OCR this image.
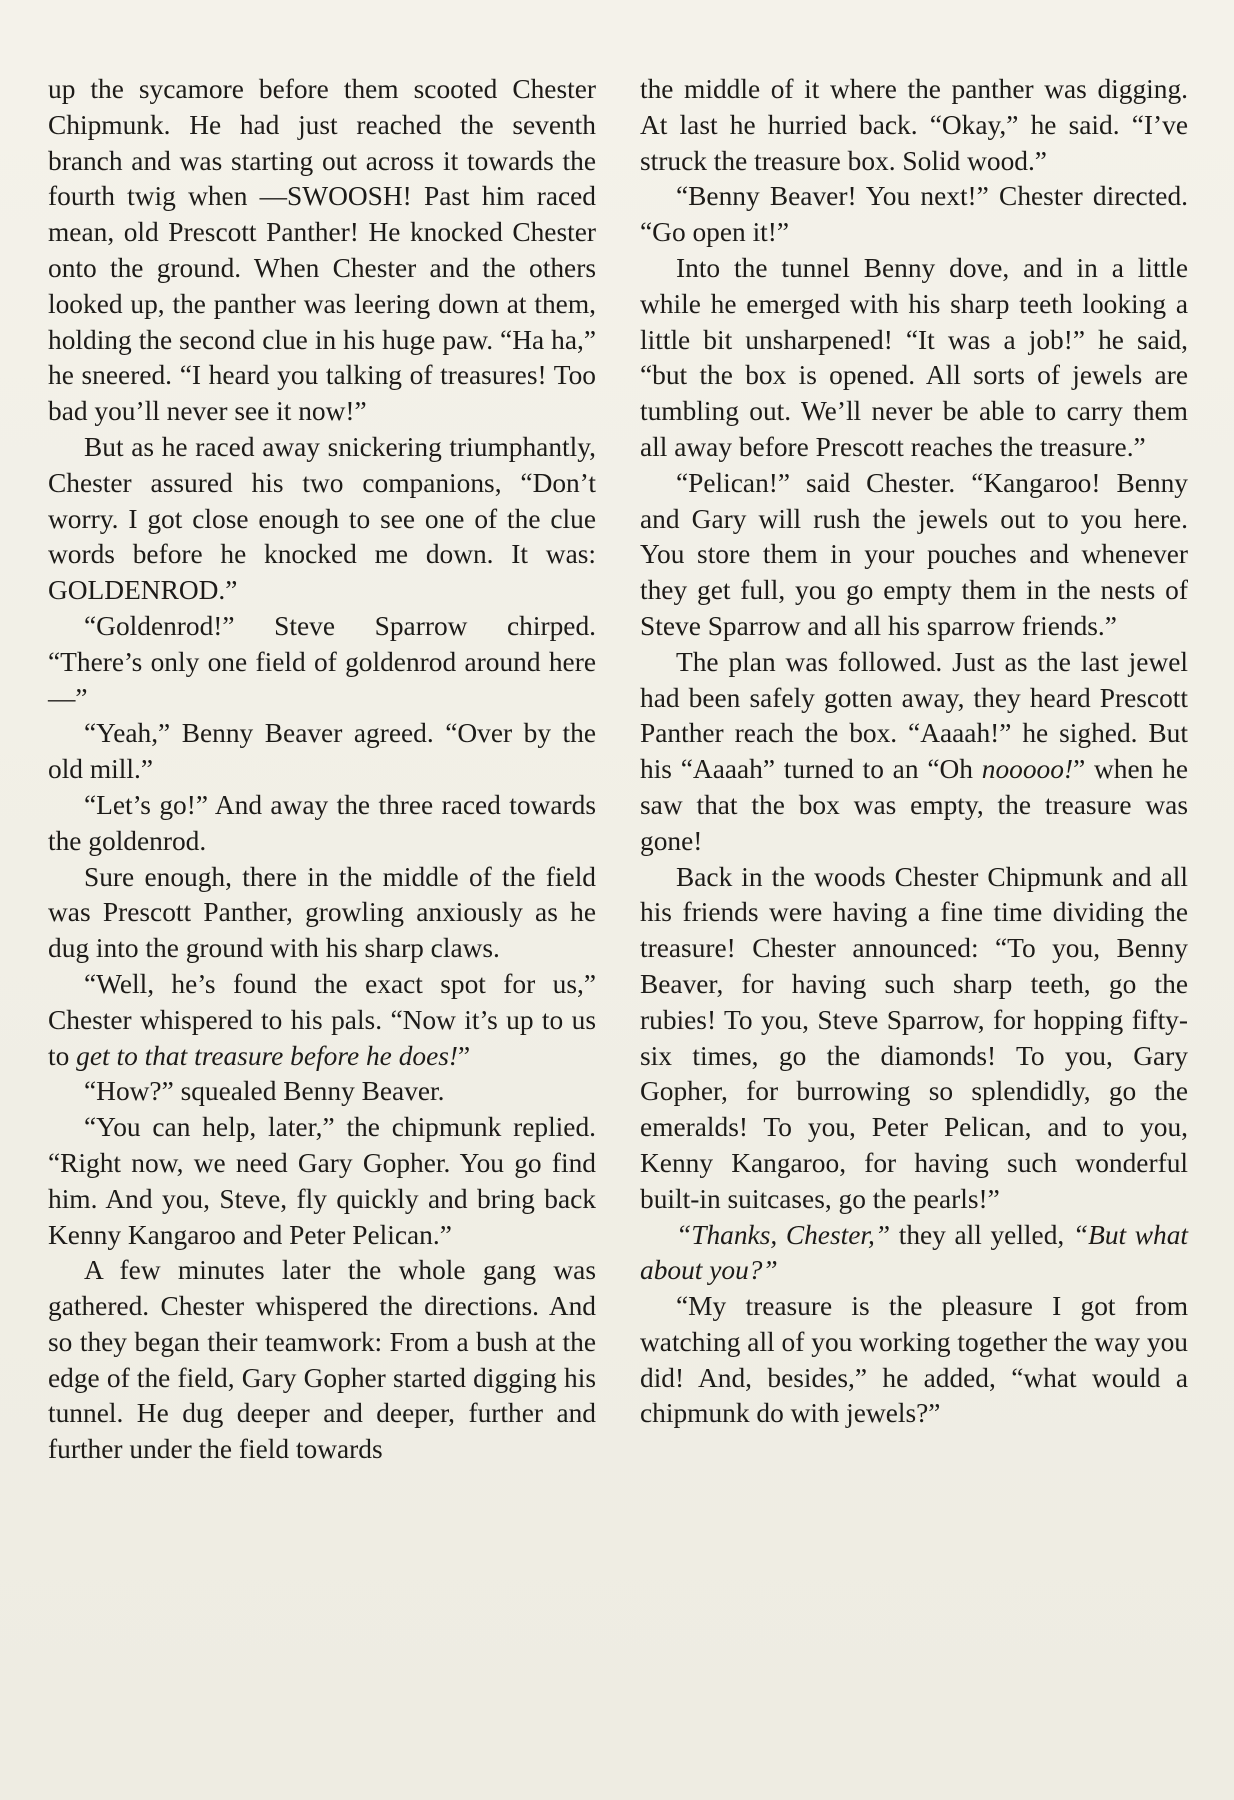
up the sycamore before them scooted Chester Chipmunk. He had just reached the seventh branch and was starting out across it towards the fourth twig when —SWOOSH! Past him raced mean, old Prescott Panther! He knocked Chester onto the ground. When Chester and the others looked up, the panther was leering down at them, holding the second clue in his huge paw. “Ha ha,” he sneered. “I heard you talking of treasures! Too bad you’ll never see it now!”

But as he raced away snickering triumphantly, Chester assured his two companions, “Don’t worry. I got close enough to see one of the clue words before he knocked me down. It was: GOLDENROD.”

“Goldenrod!” Steve Sparrow chirped. “There’s only one field of goldenrod around here—”

“Yeah,” Benny Beaver agreed. “Over by the old mill.”

“Let’s go!” And away the three raced towards the goldenrod.

Sure enough, there in the middle of the field was Prescott Panther, growling anxiously as he dug into the ground with his sharp claws.

“Well, he’s found the exact spot for us,” Chester whispered to his pals. “Now it’s up to us to get to that treasure before he does!”

“How?” squealed Benny Beaver.

“You can help, later,” the chipmunk replied. “Right now, we need Gary Gopher. You go find him. And you, Steve, fly quickly and bring back Kenny Kangaroo and Peter Pelican.”

A few minutes later the whole gang was gathered. Chester whispered the directions. And so they began their teamwork: From a bush at the edge of the field, Gary Gopher started digging his tunnel. He dug deeper and deeper, further and further under the field towards

the middle of it where the panther was digging. At last he hurried back. “Okay,” he said. “I’ve struck the treasure box. Solid wood.”

“Benny Beaver! You next!” Chester directed. “Go open it!”

Into the tunnel Benny dove, and in a little while he emerged with his sharp teeth looking a little bit unsharpened! “It was a job!” he said, “but the box is opened. All sorts of jewels are tumbling out. We’ll never be able to carry them all away before Prescott reaches the treasure.”

“Pelican!” said Chester. “Kangaroo! Benny and Gary will rush the jewels out to you here. You store them in your pouches and whenever they get full, you go empty them in the nests of Steve Sparrow and all his sparrow friends.”

The plan was followed. Just as the last jewel had been safely gotten away, they heard Prescott Panther reach the box. “Aaaah!” he sighed. But his “Aaaah” turned to an “Oh nooooo!” when he saw that the box was empty, the treasure was gone!

Back in the woods Chester Chipmunk and all his friends were having a fine time dividing the treasure! Chester announced: “To you, Benny Beaver, for having such sharp teeth, go the rubies! To you, Steve Sparrow, for hopping fifty-six times, go the diamonds! To you, Gary Gopher, for burrowing so splendidly, go the emeralds! To you, Peter Pelican, and to you, Kenny Kangaroo, for having such wonderful built-in suitcases, go the pearls!”

“Thanks, Chester,” they all yelled, “But what about you?”

“My treasure is the pleasure I got from watching all of you working together the way you did! And, besides,” he added, “what would a chipmunk do with jewels?”
